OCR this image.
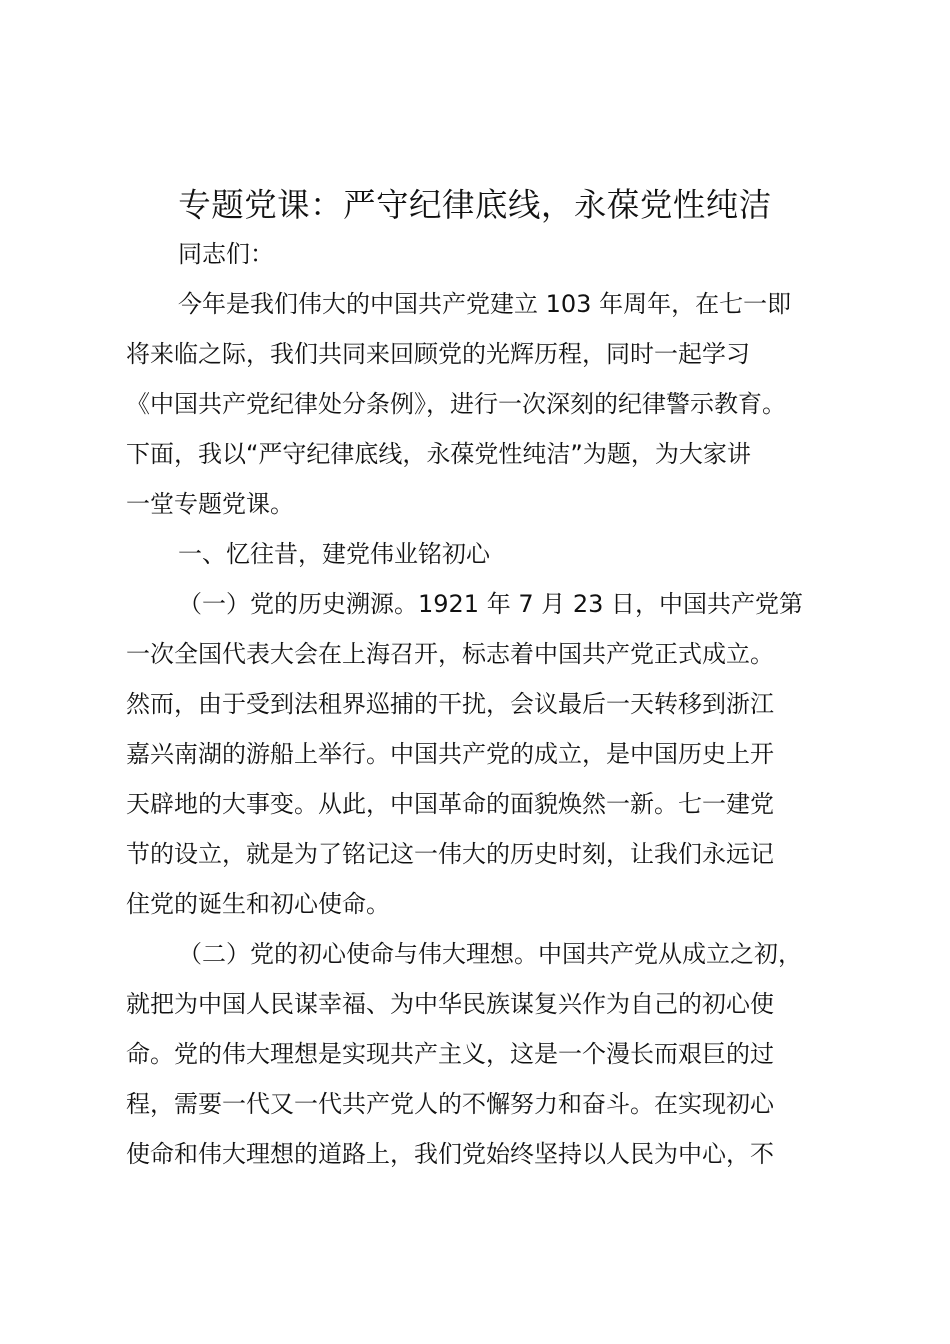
专题党课：严守纪律底线，永葆党性纯洁
同志们：
今年是我们伟大的中国共产党建立 103 年周年，在七一即
将来临之际，我们共同来回顾党的光辉历程，同时一起学习
《中国共产党纪律处分条例》，进行一次深刻的纪律警示教育。
下面，我以“严守纪律底线，永葆党性纯洁”为题，为大家讲
一堂专题党课。
一、忆往昔，建党伟业铭初心
（一）党的历史溯源。1921 年 7 月 23 日，中国共产党第
一次全国代表大会在上海召开，标志着中国共产党正式成立。
然而，由于受到法租界巡捕的干扰，会议最后一天转移到浙江
嘉兴南湖的游船上举行。中国共产党的成立，是中国历史上开
天辟地的大事变。从此，中国革命的面貌焕然一新。七一建党
节的设立，就是为了铭记这一伟大的历史时刻，让我们永远记
住党的诞生和初心使命。
（二）党的初心使命与伟大理想。中国共产党从成立之初，
就把为中国人民谋幸福、为中华民族谋复兴作为自己的初心使
命。党的伟大理想是实现共产主义，这是一个漫长而艰巨的过
程，需要一代又一代共产党人的不懈努力和奋斗。在实现初心
使命和伟大理想的道路上，我们党始终坚持以人民为中心，不
